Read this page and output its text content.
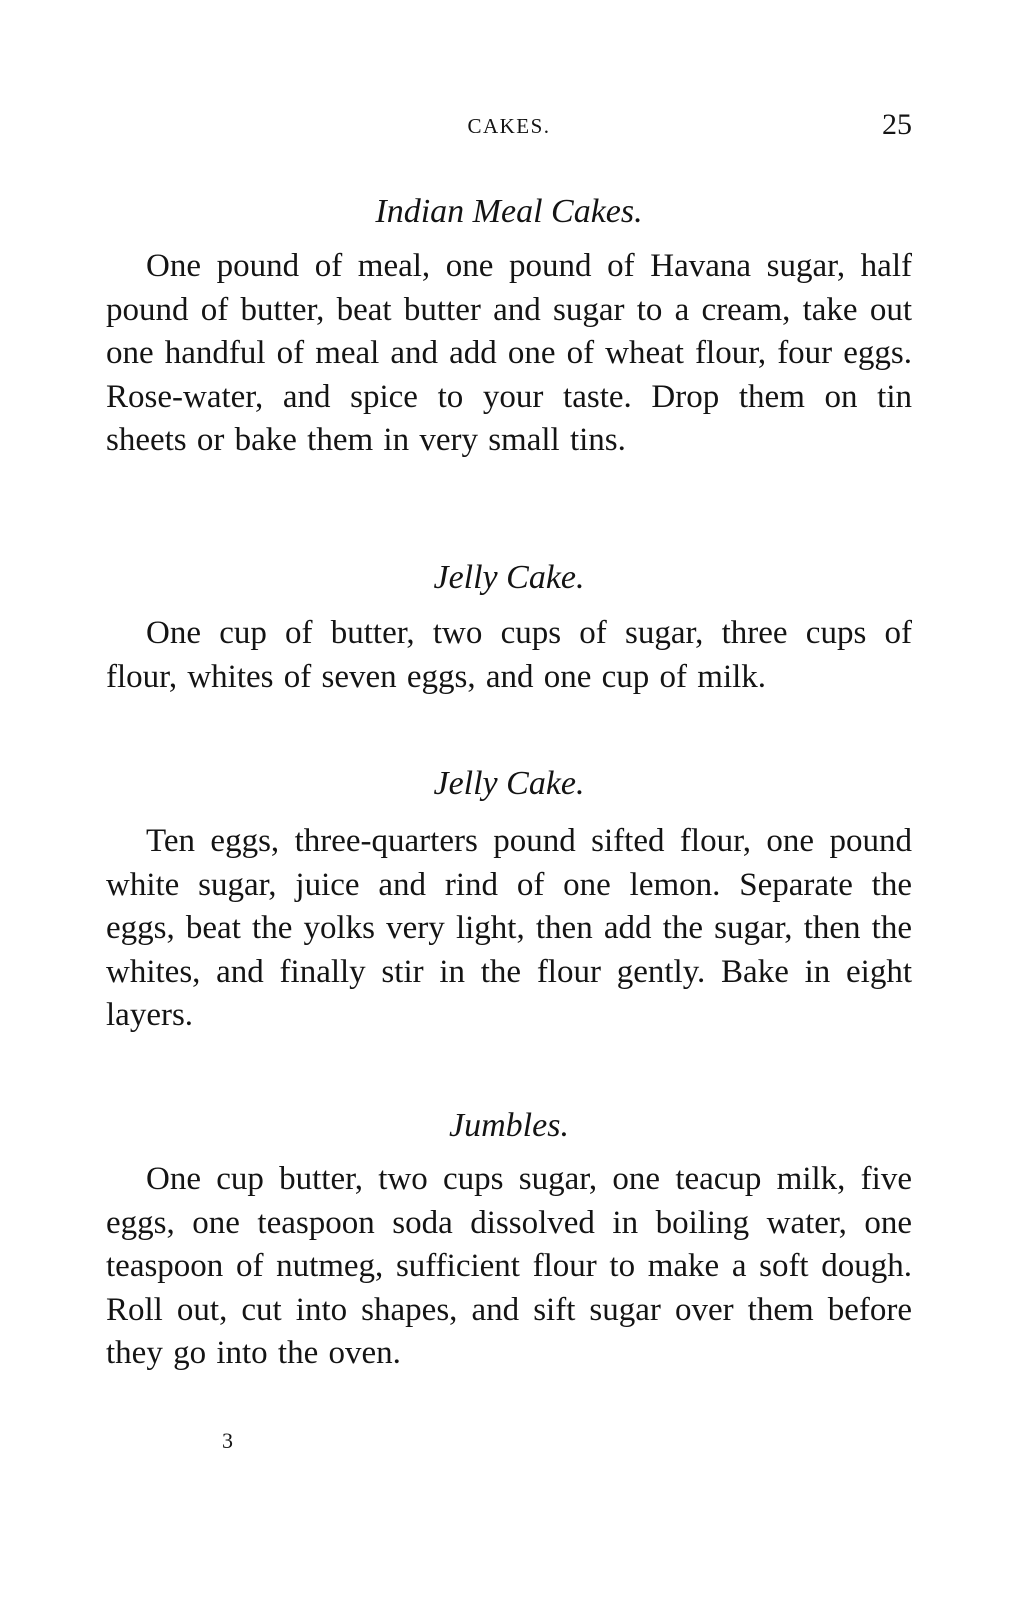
CAKES.	25
Indian Meal Cakes.

One pound of meal, one pound of Havana sugar, half pound of butter, beat butter and sugar to a cream, take out one handful of meal and add one of wheat flour, four eggs. Rose-water, and spice to your taste. Drop them on tin sheets or bake them in very small tins.

Jelly Cake.

One cup of butter, two cups of sugar, three cups of flour, whites of seven eggs, and one cup of milk.

Jelly Cake.

Ten eggs, three-quarters pound sifted flour, one pound white sugar, juice and rind of one lemon. Separate the eggs, beat the yolks very light, then add the sugar, then the whites, and finally stir in the flour gently. Bake in eight layers.

Jumbles.

One cup butter, two cups sugar, one teacup milk, five eggs, one teaspoon soda dissolved in boiling water, one teaspoon of nutmeg, sufficient flour to make a soft dough. Roll out, cut into shapes, and sift sugar over them before they go into the oven.

3
